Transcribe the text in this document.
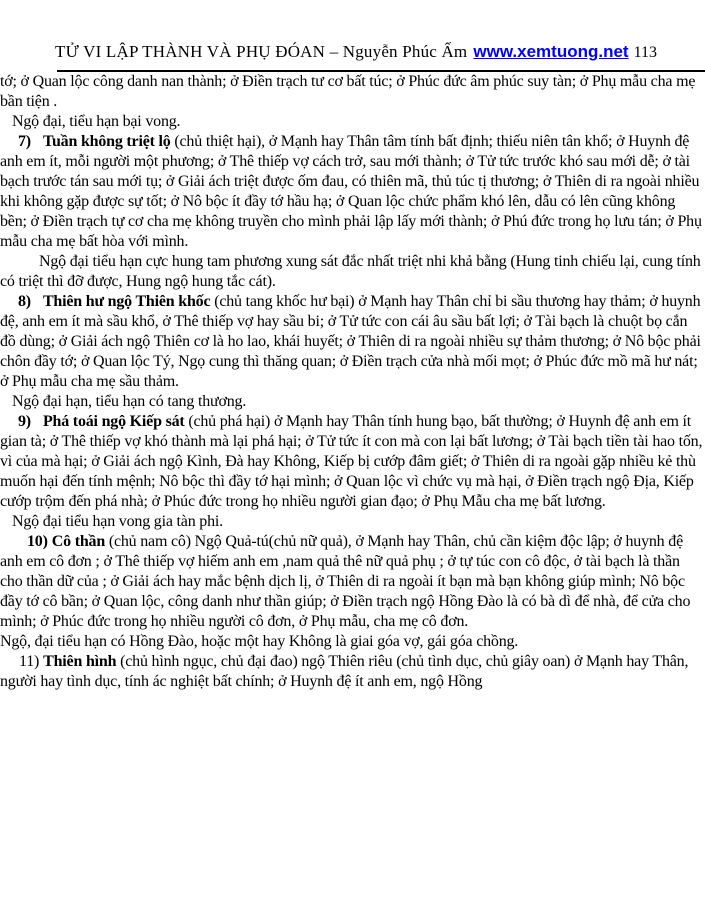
TỬ VI LẬP THÀNH VÀ PHỤ ĐÓAN – Nguyễn Phúc Ấm www.xemtuong.net 113

tớ; ở Quan lộc công danh nan thành; ở Điền trạch tư cơ bất túc; ở Phúc đức âm phúc suy tàn; ở Phụ mẫu cha mẹ bần tiện .

Ngộ đại, tiểu hạn bại vong.

7) Tuần không triệt lộ (chủ thiệt hại), ở Mạnh hay Thân tâm tính bất định; thiếu niên tân khổ; ở Huynh đệ anh em ít, mỗi người một phương; ở Thê thiếp vợ cách trở, sau mới thành; ở Tử tức trước khó sau mới dễ; ở tài bạch trước tán sau mới tụ; ở Giải ách triệt được ốm đau, có thiên mã, thủ túc tị thương; ở Thiên di ra ngoài nhiều khi không gặp được sự tốt; ở Nô bộc ít đầy tớ hầu hạ; ở Quan lộc chức phẩm khó lên, dẫu có lên cũng không bền; ở Điền trạch tự cơ cha mẹ không truyền cho mình phải lập lấy mới thành; ở Phú đức trong họ lưu tán; ở Phụ mẫu cha mẹ bất hòa với mình.

Ngộ đại tiểu hạn cực hung tam phương xung sát đắc nhất triệt nhi khả bằng (Hung tinh chiếu lại, cung tính có triệt thì đỡ được, Hung ngộ hung tắc cát).

8) Thiên hư ngộ Thiên khốc (chủ tang khốc hư bại) ở Mạnh hay Thân chỉ bi sầu thương hay thảm; ở huynh đệ, anh em ít mà sầu khổ, ở Thê thiếp vợ hay sầu bi; ở Tử tức con cái âu sầu bất lợi; ở Tài bạch là chuột bọ cắn đồ dùng; ở Giải ách ngộ Thiên cơ là ho lao, khái huyết; ở Thiên di ra ngoài nhiều sự thảm thương; ở Nô bộc phải chôn đầy tớ; ở Quan lộc Tý, Ngọ cung thì thăng quan; ở Điền trạch cửa nhà mối mọt; ở Phúc đức mồ mã hư nát; ở Phụ mẫu cha mẹ sầu thảm.

Ngộ đại hạn, tiểu hạn có tang thương.

9) Phá toái ngộ Kiếp sát (chủ phá hại) ở Mạnh hay Thân tính hung bạo, bất thường; ở Huynh đệ anh em ít gian tà; ở Thê thiếp vợ khó thành mà lại phá hại; ở Tử tức ít con mà con lại bất lương; ở Tài bạch tiền tài hao tốn, vì của mà hại; ở Giải ách ngộ Kình, Đà hay Không, Kiếp bị cướp đâm giết; ở Thiên di ra ngoài gặp nhiều kẻ thù muốn hại đến tính mệnh; Nô bộc thì đầy tớ hại mình; ở Quan lộc vì chức vụ mà hại, ở Điền trạch ngộ Địa, Kiếp cướp trộm đến phá nhà; ở Phúc đức trong họ nhiều người gian đạo; ở Phụ Mẫu cha mẹ bất lương.

Ngộ đại tiểu hạn vong gia tàn phi.

10) Cô thần (chủ nam cô) Ngộ Quả-tú(chủ nữ quả), ở Mạnh hay Thân, chủ cần kiệm độc lập; ở huynh đệ anh em cô đơn ; ở Thê thiếp vợ hiếm anh em ,nam quả thê nữ quả phụ ; ở tự túc con cô độc, ở tài bạch là thần cho thần dữ của ; ở Giải ách hay mắc bệnh dịch lị, ở Thiên di ra ngoài ít bạn mà bạn không giúp mình; Nô bộc đầy tớ cô bần; ở Quan lộc, công danh như thần giúp; ở Điền trạch ngộ Hồng Đào là có bà dì để nhà, để cửa cho mình; ở Phúc đức trong họ nhiều người cô đơn, ở Phụ mẫu, cha mẹ cô đơn.

Ngộ, đại tiểu hạn có Hồng Đào, hoặc một hay Không là giai góa vợ, gái góa chồng.

11) Thiên hình (chủ hình ngục, chủ đại đao) ngộ Thiên riêu (chủ tình dục, chủ giây oan) ở Mạnh hay Thân, người hay tình dục, tính ác nghiệt bất chính; ở Huynh đệ ít anh em, ngộ Hồng
